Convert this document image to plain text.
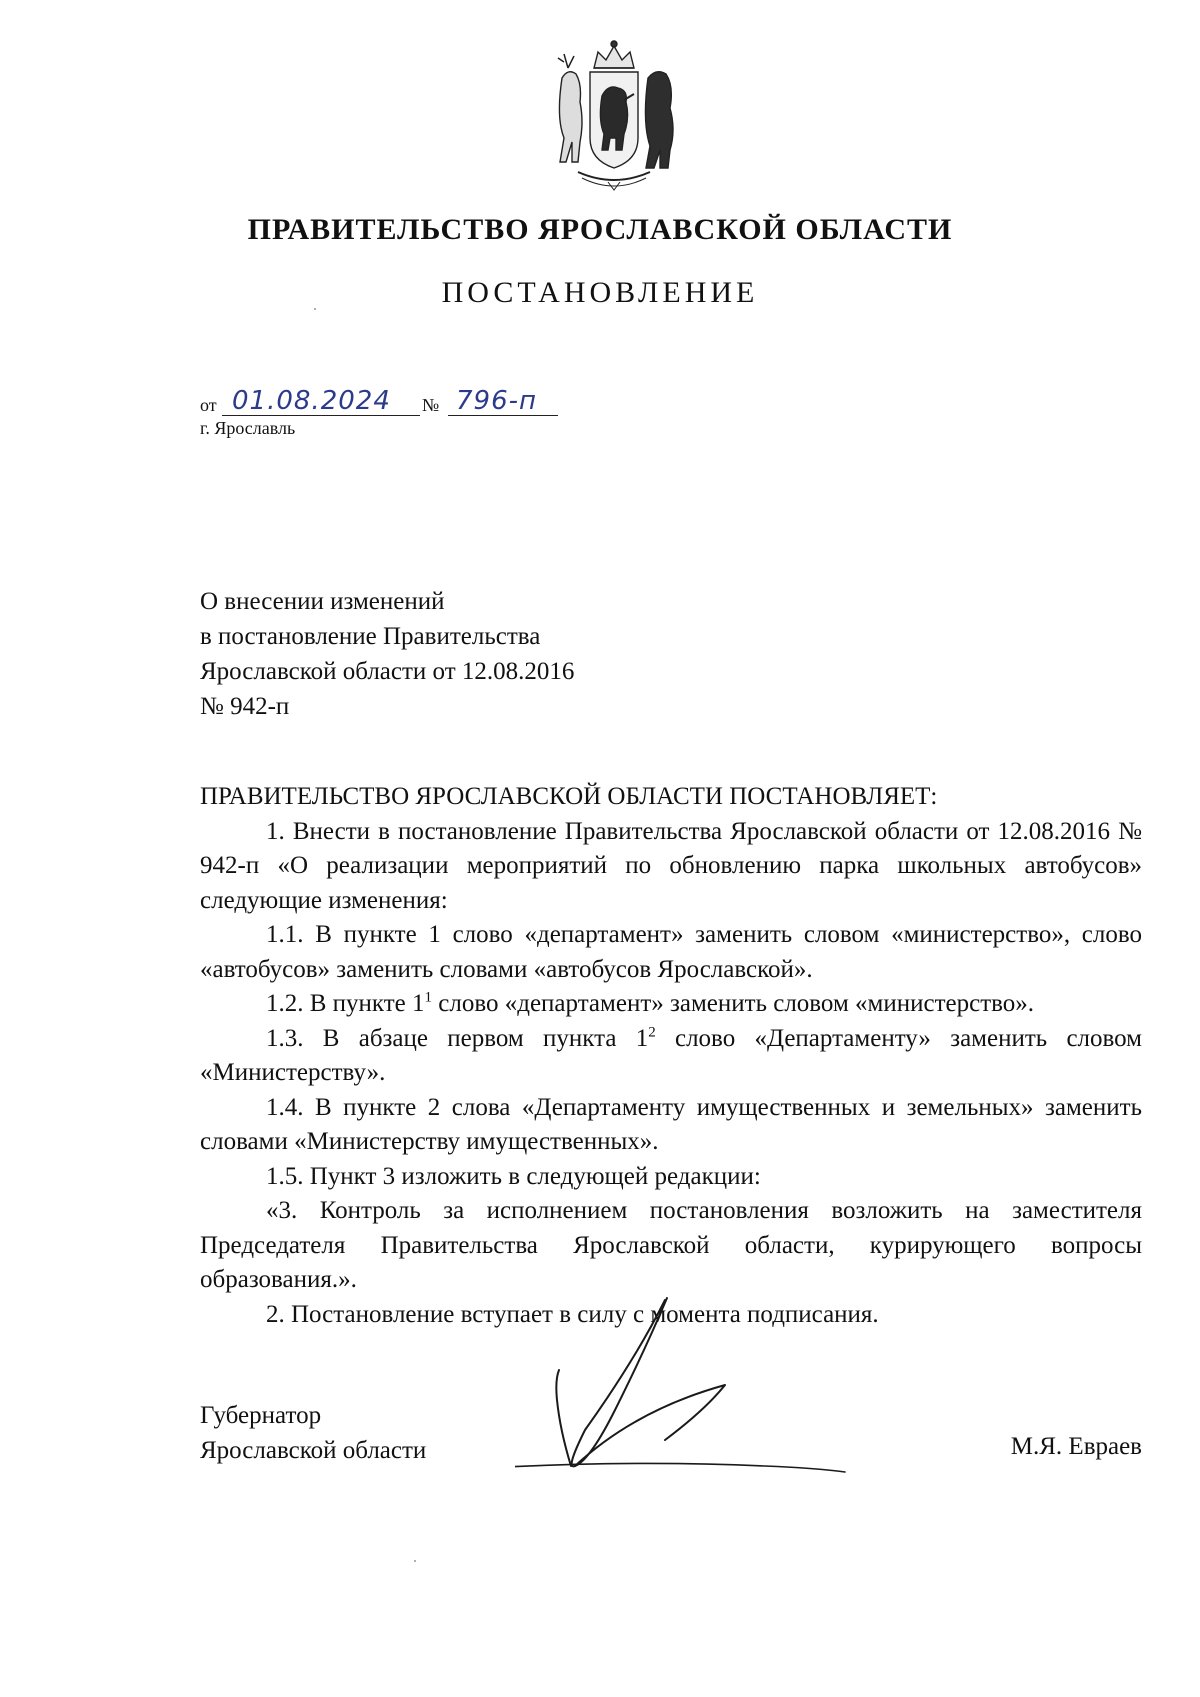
ПРАВИТЕЛЬСТВО ЯРОСЛАВСКОЙ ОБЛАСТИ
ПОСТАНОВЛЕНИЕ
от 01.08.2024 № 796-п
г. Ярославль
О внесении изменений
в постановление Правительства
Ярославской области от 12.08.2016
№ 942-п

ПРАВИТЕЛЬСТВО ЯРОСЛАВСКОЙ ОБЛАСТИ ПОСТАНОВЛЯЕТ:

1. Внести в постановление Правительства Ярославской области от 12.08.2016 № 942-п «О реализации мероприятий по обновлению парка школьных автобусов» следующие изменения:

1.1. В пункте 1 слово «департамент» заменить словом «министерство», слово «автобусов» заменить словами «автобусов Ярославской».

1.2. В пункте $1^1$ слово «департамент» заменить словом «министерство».

1.3. В абзаце первом пункта $1^2$ слово «Департаменту» заменить словом «Министерству».

1.4. В пункте 2 слова «Департаменту имущественных и земельных» заменить словами «Министерству имущественных».

1.5. Пункт 3 изложить в следующей редакции:

«3. Контроль за исполнением постановления возложить на заместителя Председателя Правительства Ярославской области, курирующего вопросы образования.».

2. Постановление вступает в силу с момента подписания.

Губернатор
Ярославской области	М.Я. Евраев
